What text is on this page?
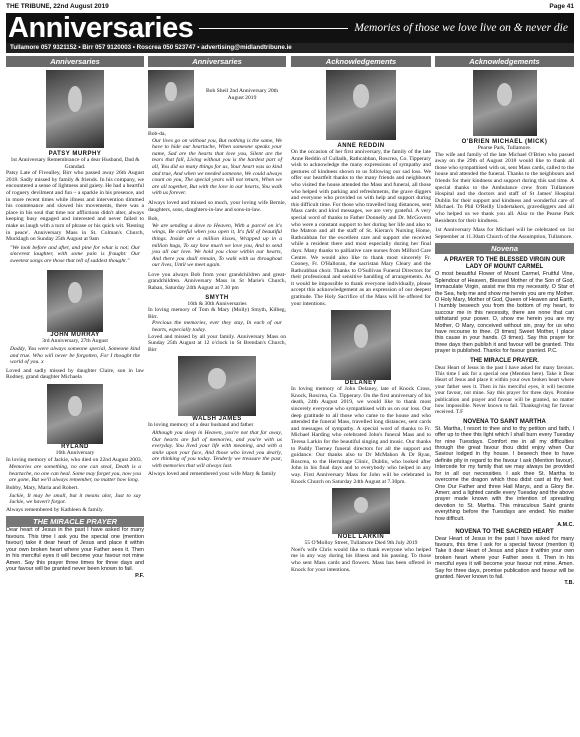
THE TRIBUNE, 22nd August 2019	Page 41
Anniversaries	Memories of those we love live on & never die
Tullamore 057 9321152 • Birr 057 9120003 • Roscrea 050 523747 • advertising@midlandtribune.ie
Anniversaries
PATSY MURPHY
1st Anniversary Remembrance of a dear Husband, Dad & Grandad.

Patsy Late of Fivealley, Birr who passed away 26th August 2018. Sadly missed by family & friends. In his company, we encountered a sense of lightness and gaiety. He had a heartful of roguery devilment and fun – a sparkle in his presence, and in more recent times while illness and intervention dimmed his countenance and slowed his movements, there was a place in his soul that time nor afflictions didn't alter, always keeping busy engaged and interested and never failed to make us laugh with a turn of phrase or his quick wit. 'Resting in peace'. Anniversary Mass in St. Colman's Church, Mucklagh on Sunday 25th August at 9am

"We look before and after, and pine for what is not; Our sincerest laughter, with some pain is fraught: Our sweetest songs are those that tell of saddest thought."

JOHN MURRAY
3rd Anniversary, 27th August

Daddy, You were always someone special, Someone kind and true. Who will never be forgotten, For I thought the world of you. x

Loved and sadly missed by daughter Claire, son in law Rodney, grand daughter Michaela

RYLAND
16th Anniversary

In loving memory of Jackie, who died on 22nd August 2003.

Memories are something, no one can steal, Death is a heartache, no one can heal. Some may forget you, now you are gone, But we'll always remember, no matter how long.

Bubby, Mary, Maria and Robert.

Jackie, It may be small, but it means alot, Just to say Jackie, we haven't forgot.

Always remembered by Kathleen & family.

THE MIRACLE PRAYER

Dear heart of Jesus in the past I have asked for many favours. This time I ask you the special one (mention favour) take it dear heart of Jesus and place it within your own broken heart where your Father sees it. Then in his merciful eyes it will become your favour not mine Amen. Say this prayer three times for three days and your favour will be granted never been known to fail.

P.F.

Anniversaries
Bob Sheil 2nd Anniversary 20th August 2019

Bob-da,

Our lives go on without you, But nothing is the same, We have to hide our heartache, When someone speaks your name, Sad are the hearts that love you, Silent are the tears that fall, Living without you is the hardest part of all, You did so many things for us, Your heart was so kind and true, And when we needed someone, We could always count on you, The special years will not return, When we are all together, But with the love in our hearts, You walk with us forever.

Always loved and missed so much, your loving wife Bernie, daughters, sons, daughters-in-law and sons-in-law.

Bob,

We are sending a dove to Heaven, With a parcel on it's wings, Be careful when you open it, It's full of beautiful things. Inside are a million kisses, Wrapped up in a million hugs, To say how much we love you, And to send you all our love. We hold you close within our hearts, And there you shall remain, To walk with us throughout our lives, Until we meet again.

Love you always Bob from your grandchildren and great-grandchildren. Anniversary Mass in St Marie's Church, Rahan, Saturday 24th August at 7.30 pm

SMYTH
16th & 30th Anniversaries

In loving memory of Tom & Mary (Molly) Smyth, Kilbeg, Birr.

Precious the memories, ever they stay, In each of our hearts, especially today.

Loved and missed by all your family. Anniversary Mass on Sunday 25th August at 12 o'clock in St Brendan's Church, Birr

WALSH JAMES

In loving memory of a dear husband and father

Although you sleep in Heaven, you're not that far away, Our hearts are full of memories, and you're with us everyday. You lived your life with meaning, and with a smile upon your face, And those who loved you dearly, are thinking of you today. Tenderly we treasure the past, with memories that will always last.

Always loved and remembered your wife Mary & family

Acknowledgements
ANNE REDDIN

On the occasion of her first anniversary, the family of the late Anne Reddin of Culladh, Rathcabban, Roscrea, Co. Tipperary wish to acknowledge the many expressions of sympathy and gestures of kindness shown to us following our sad loss. We offer our heartfelt thanks to the many friends and neighbours who visited the house attended the Mass and funeral, all those who helped with parking and refreshments, the grave diggers and everyone who provided us with help and support during this difficult time. For those who travelled long distances, sent Mass cards and kind messages, we are very grateful. A very special word of thanks to Father Donnelly and Dr. McGovern who were a constant support to her during her life and also to the Matron and all the staff of St. Kieran's Nursing Home, Rathcabban for the excellent care and support she received while a resident there and most especially during her final days. Many thanks to palliative care nurses from Milford Care Centre. We would also like to thank most sincerely Fr. Cooney, Fr. O'Halloran, the sacristan Mary Cleary and the Rathcabban choir. Thanks to O'Sullivan Funeral Directors for their professional and sensitive handling of arrangements. As it would be impossible to thank everyone individually, please accept this acknowledgement as an expression of our deepest gratitude. The Holy Sacrifice of the Mass will be offered for your intentions.

DELANEY

In loving memory of John Delaney, late of Knock Cross, Knock, Roscrea, Co. Tipperary. On the first anniversary of his death, 24th August 2019, we would like to thank most sincerely everyone who sympathised with us on our loss. Our deep gratitude to all those who came to the house and who attended the funeral Mass, travelled long distances, sent cards and messages of sympathy. A special word of thanks to Fr. Michael Harding who celebrated John's funeral Mass and to Teresa Larkin for the beautiful singing and music. Our thanks to Paddy Tierney funeral directors for all the support and guidance. Our thanks also to Dr McMahon & Dr Ryan, Roscrea, to the Hermitage Clinic, Dublin, who looked after John in his final days and to everybody who helped in any way. First Anniversary Mass for John will be celebrated in Knock Church on Saturday 24th August at 7.30pm.

NOEL LARKIN
55 O'Molloy Street, Tullamore Died 9th July 2019

Noel's wife Chris would like to thank everyone who helped me in any way during his illness and his passing. To those who sent Mass cards and flowers. Mass has been offered in Knock for your intentions.

Acknowledgements
O'BRIEN MICHAEL (MICK)
Pearse Park, Tullamore.

The wife and family of the late Michael O'Brien who passed away on the 29th of August 2018 would like to thank all those who sympathised with us, sent Mass cards, called to the house and attended the funeral. Thanks to the neighbours and friends for their kindness and support during this sad time. A special thanks to the Ambulance crew from Tullamore Hospital and the doctors and staff of St James' Hospital Dublin for their support and kindness and wonderful care of Michael. To Phil O'Reilly Undertakers, gravediggers and all who helped us we thank you all. Also to the Pearse Park Residents for their kindness.

1st Anniversary Mass for Michael will be celebrated on 1st September at 11.30am Church of the Assumption, Tullamore.

Novena
A PRAYER TO THE BLESSED VIRGIN OUR LADY OF MOUNT CARMEL

O most beautiful Flower of Mount Carmel, Fruitful Vine, Splendour of Heaven, Blessed Mother of the Son of God, Immaculate Virgin, assist me this my necessity. O Star of the Sea, help me and show me herein you are my Mother. O Holy Mary, Mother of God, Queen of Heaven and Earth, I humbly beseech you from the bottom of my heart, to succour me in this necessity, there are none that can withstand your power. O, show me herein you are my Mother, O Mary, conceived without sin, pray for us who have recourse to thee. (3 times) Sweet Mother, I place this cause in your hands. (3 times). Say this prayer for three days then publish it and favour will be granted. This prayer is published. Thanks for favour granted. P.C.

THE MIRACLE PRAYER.

Dear Heart of Jesus in the past I have asked for many favours. This time I ask for a special one (Mention here). Take it Dear Heart of Jesus and place it within your own broken heart where your father sees it. Then in his merciful eyes, it will become your favour, not mine. Say this prayer for three days. Promise publication and prayer and favour will be granted, no matter how impossible. Never known to fail. Thanksgiving for favour received. T.F

NOVENA TO SAINT MARTHA

St. Martha, I resort to thee and to thy petition and faith, I offer up to thee this light which I shall burn every Tuesday for nine Tuesdays. Comfort me in all my difficulties through the great favour thou didst enjoy when Our Saviour lodged in thy house. I beseech thee to have definite pity in regard to the favour I ask (Mention favour). Intercede for my family that we may always be provided for in all our necessities. I ask thee St. Martha to overcome the dragon which thou didst cast at thy feet. One Our Father and three Hail Marys, and a Glory Be. Amen; and a lighted candle every Tuesday and the above prayer made known with the intention of spreading devotion to St. Martha. This miraculous Saint grants everything before the Tuesdays are ended. No matter how difficult.

A.M.C.

NOVENA TO THE SACRED HEART

Dear Heart of Jesus in the past I have asked for many favours, this time I ask for a special favour (mention it) Take it dear Heart of Jesus and place it within your own broken heart where your Father sees it. Then in his merciful eyes it will become your favour not mine. Amen. Say for three days, promise publication and favour will be granted. Never known to fail.

T.B.
